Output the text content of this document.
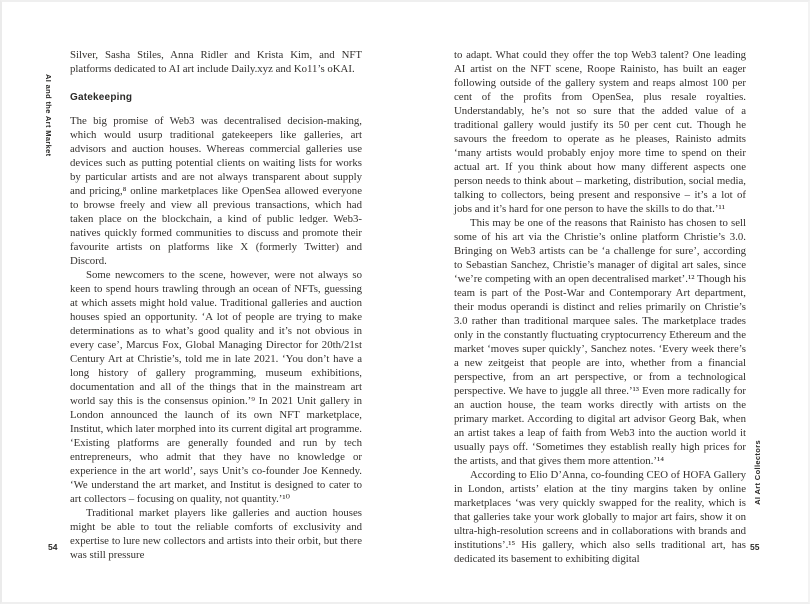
AI and the Art Market

Silver, Sasha Stiles, Anna Ridler and Krista Kim, and NFT platforms dedicated to AI art include Daily.xyz and Ko11’s oKAI.

Gatekeeping

The big promise of Web3 was decentralised decision-making, which would usurp traditional gatekeepers like galleries, art advisors and auction houses. Whereas commercial galleries use devices such as putting potential clients on waiting lists for works by particular artists and are not always transparent about supply and pricing,⁸ online marketplaces like OpenSea allowed everyone to browse freely and view all previous transactions, which had taken place on the blockchain, a kind of public ledger. Web3-natives quickly formed communities to discuss and promote their favourite artists on platforms like X (formerly Twitter) and Discord.

Some newcomers to the scene, however, were not always so keen to spend hours trawling through an ocean of NFTs, guessing at which assets might hold value. Traditional galleries and auction houses spied an opportunity. ‘A lot of people are trying to make determinations as to what’s good quality and it’s not obvious in every case’, Marcus Fox, Global Managing Director for 20th/21st Century Art at Christie’s, told me in late 2021. ‘You don’t have a long history of gallery programming, museum exhibitions, documentation and all of the things that in the mainstream art world say this is the consensus opinion.’⁹ In 2021 Unit gallery in London announced the launch of its own NFT marketplace, Institut, which later morphed into its current digital art programme. ‘Existing platforms are generally founded and run by tech entrepreneurs, who admit that they have no knowledge or experience in the art world’, says Unit’s co-founder Joe Kennedy. ‘We understand the art market, and Institut is designed to cater to art collectors – focusing on quality, not quantity.’¹⁰

Traditional market players like galleries and auction houses might be able to tout the reliable comforts of exclusivity and expertise to lure new collectors and artists into their orbit, but there was still pressure

54
AI Art Collectors

to adapt. What could they offer the top Web3 talent? One leading AI artist on the NFT scene, Roope Rainisto, has built an eager following outside of the gallery system and reaps almost 100 per cent of the profits from OpenSea, plus resale royalties. Understandably, he’s not so sure that the added value of a traditional gallery would justify its 50 per cent cut. Though he savours the freedom to operate as he pleases, Rainisto admits ‘many artists would probably enjoy more time to spend on their actual art. If you think about how many different aspects one person needs to think about – marketing, distribution, social media, talking to collectors, being present and responsive – it’s a lot of jobs and it’s hard for one person to have the skills to do that.’¹¹

This may be one of the reasons that Rainisto has chosen to sell some of his art via the Christie’s online platform Christie’s 3.0. Bringing on Web3 artists can be ‘a challenge for sure’, according to Sebastian Sanchez, Christie’s manager of digital art sales, since ‘we’re competing with an open decentralised market’.¹² Though his team is part of the Post-War and Contemporary Art department, their modus operandi is distinct and relies primarily on Christie’s 3.0 rather than traditional marquee sales. The marketplace trades only in the constantly fluctuating cryptocurrency Ethereum and the market ‘moves super quickly’, Sanchez notes. ‘Every week there’s a new zeitgeist that people are into, whether from a financial perspective, from an art perspective, or from a technological perspective. We have to juggle all three.’¹³ Even more radically for an auction house, the team works directly with artists on the primary market. According to digital art advisor Georg Bak, when an artist takes a leap of faith from Web3 into the auction world it usually pays off. ‘Sometimes they establish really high prices for the artists, and that gives them more attention.’¹⁴

According to Elio D’Anna, co-founding CEO of HOFA Gallery in London, artists’ elation at the tiny margins taken by online marketplaces ‘was very quickly swapped for the reality, which is that galleries take your work globally to major art fairs, show it on ultra-high-resolution screens and in collaborations with brands and institutions’.¹⁵ His gallery, which also sells traditional art, has dedicated its basement to exhibiting digital

55
